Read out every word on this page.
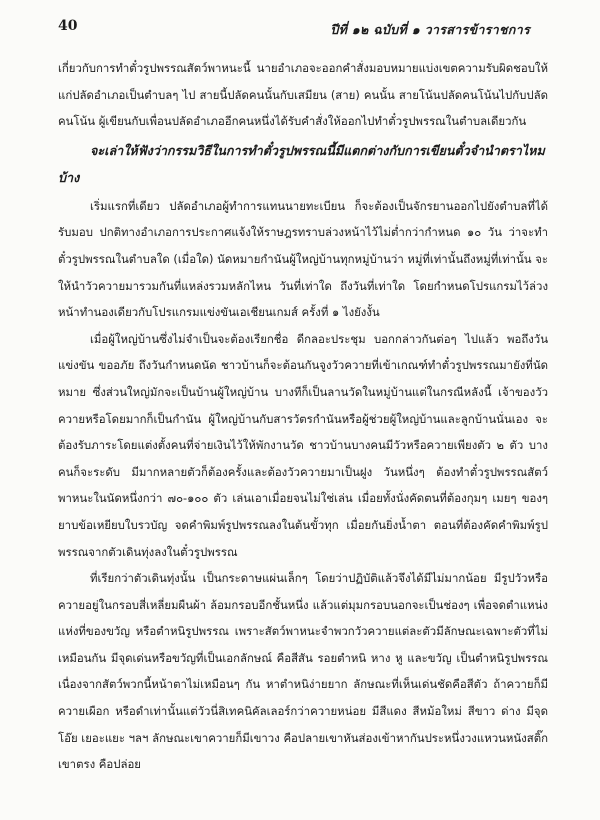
40	ปีที่ ๑๒ ฉบับที่ ๑ วารสารข้าราชการ

เกี่ยวกับการทำตั๋วรูปพรรณสัตว์พาหนะนี้ นายอำเภอจะออกคำสั่งมอบหมายแบ่งเขตความรับผิดชอบให้แก่ปลัดอำเภอเป็นตำบลๆ ไป สายนี้ปลัดคนนั้นกับเสมียน (สาย) คนนั้น สายโน้นปลัดคนโน้นไปกับปลัดคนโน้น ผู้เขียนกับเพื่อนปลัดอำเภออีกคนหนึ่งได้รับคำสั่งให้ออกไปทำตั๋วรูปพรรณในตำบลเดียวกัน

จะเล่าให้ฟังว่ากรรมวิธีในการทำตั๋วรูปพรรณนี้มีแตกต่างกับการเขียนตั๋วจำนำตราไหมบ้าง

เริ่มแรกที่เดียว ปลัดอำเภอผู้ทำการแทนนายทะเบียน ก็จะต้องเป็นจักรยานออกไปยังตำบลที่ได้รับมอบ ปกติทางอำเภอการประกาศแจ้งให้ราษฎรทราบล่วงหน้าไว้ไม่ต่ำกว่ากำหนด ๑๐ วัน ว่าจะทำตั๋วรูปพรรณในตำบลใด (เมื่อใด) นัดหมายกำนันผู้ใหญ่บ้านทุกหมู่บ้านว่า หมู่ที่เท่านั้นถึงหมู่ที่เท่านั้น จะให้นำวัวควายมารวมกันที่แหล่งรวมหลักไหน วันที่เท่าใด ถึงวันที่เท่าใด โดยกำหนดโปรแกรมไว้ล่วงหน้าทำนองเดียวกับโปรแกรมแข่งขันเอเชียนเกมส์ ครั้งที่ ๑ ไงยังงั้น

เมื่อผู้ใหญ่บ้านซึ่งไม่จำเป็นจะต้องเรียกชื่อ ดีกลอะประชุม บอกกล่าวกันต่อๆ ไปแล้ว พอถึงวันแข่งขัน ขออภัย ถึงวันกำหนดนัด ชาวบ้านก็จะต้อนกันจูงวัวควายที่เข้าเกณฑ์ทำตั๋วรูปพรรณมายังที่นัดหมาย ซึ่งส่วนใหญ่มักจะเป็นบ้านผู้ใหญ่บ้าน บางทีก็เป็นลานวัดในหมู่บ้านแต่ในกรณีหลังนี้ เจ้าของวัวควายหรือโดยมากก็เป็นกำนัน ผู้ใหญ่บ้านกับสารวัตรกำนันหรือผู้ช่วยผู้ใหญ่บ้านและลูกบ้านนั่นเอง จะต้องรับภาระโดยแต่งตั้งคนที่จ่ายเงินไว้ให้พักงานวัด ชาวบ้านบางคนมีวัวหรือควายเพียงตัว ๒ ตัว บางคนก็จะระดับ มีมากหลายตัวก็ต้องครั้งและต้องวัวควายมาเป็นฝูง วันหนึ่งๆ ต้องทำตั๋วรูปพรรณสัตว์พาหนะในนัดหนึ่งกว่า ๗๐-๑๐๐ ตัว เล่นเอาเมื่อยจนไม่ใช่เล่น เมื่อยทั้งนั่งคัดตนที่ต้องกุมๆ เมยๆ ของๆ ยาบข้อเหยียบใบรวบัญ จดคำพิมพ์รูปพรรณลงในต้นขั้วทุก เมื่อยกันยิ่งน้ำตา ตอนที่ต้องคัดคำพิมพ์รูปพรรณจากตัวเดินทุ่งลงในตั๋วรูปพรรณ

ที่เรียกว่าตัวเดินทุ่งนั้น เป็นกระดาษแผ่นเล็กๆ โดยว่าปฏิบัติแล้วจึงได้มีไม่มากน้อย มีรูปวัวหรือควายอยู่ในกรอบสี่เหลี่ยมผืนผ้า ล้อมกรอบอีกชั้นหนึ่ง แล้วแต่มุมกรอบนอกจะเป็นช่องๆ เพื่อจดตำแหน่งแห่งที่ของขวัญ หรือตำหนิรูปพรรณ เพราะสัตว์พาหนะจำพวกวัวควายแต่ละตัวมีลักษณะเฉพาะตัวที่ไม่เหมือนกัน มีจุดเด่นหรือขวัญที่เป็นเอกลักษณ์ คือสีสัน รอยตำหนิ หาง หู และขวัญ เป็นตำหนิรูปพรรณ เนื่องจากสัตว์พวกนี้หน้าตาไม่เหมือนๆ กัน หาตำหนิง่ายยาก ลักษณะที่เห็นเด่นชัดคือสีตัว ถ้าควายก็มีควายเผือก หรือดำเท่านั้นแต่วัวนี่สิเทคนิคัลเลอร์กว่าควายหน่อย มีสีแดง สีหม้อใหม่ สีขาว ด่าง มีจุด โอ๊ย เยอะแยะ ฯลฯ ลักษณะเขาควายก็มีเขาวง คือปลายเขาหันส่องเข้าหากันประหนึ่งวงแหวนหนังสติ๊ก เขาตรง คือปล่อย
